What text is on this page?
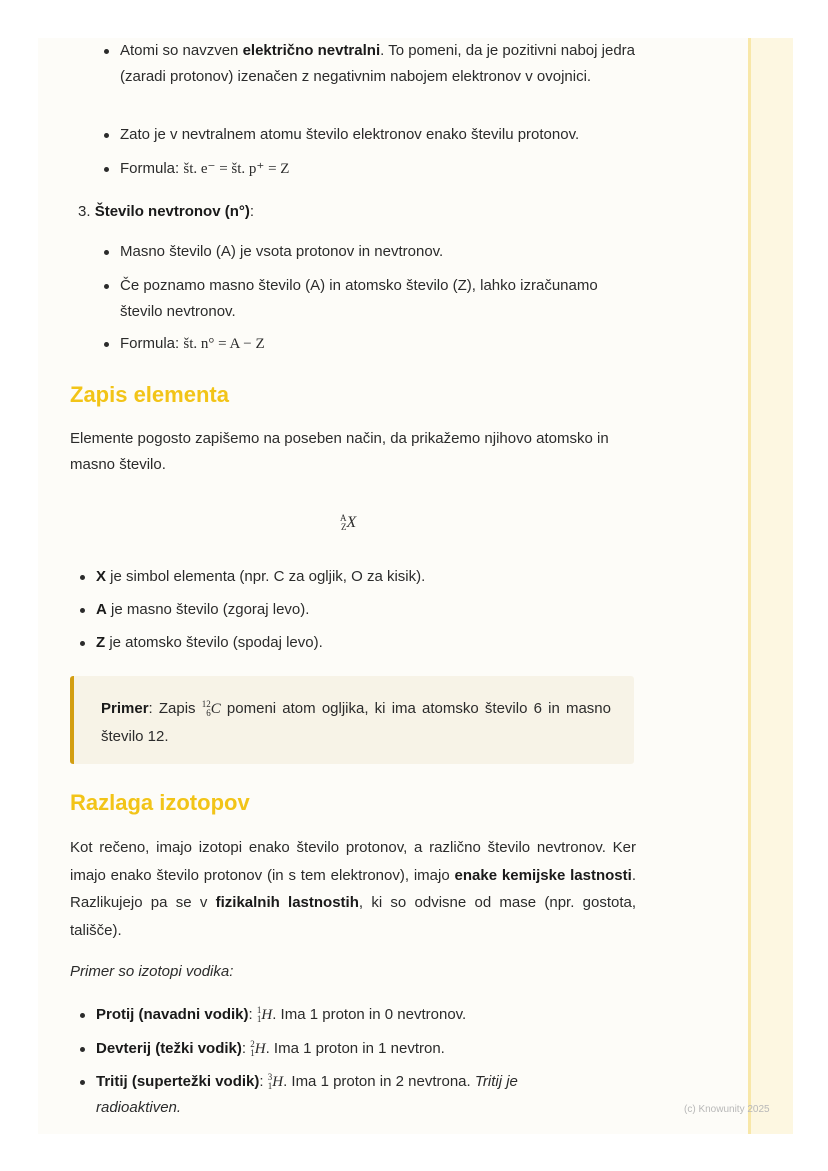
Atomi so navzven električno nevtralni. To pomeni, da je pozitivni naboj jedra (zaradi protonov) izenačen z negativnim nabojem elektronov v ovojnici.
Zato je v nevtralnem atomu število elektronov enako številu protonov.
Formula: št. e⁻ = št. p⁺ = Z
3. Število nevtronov (n°):
Masno število (A) je vsota protonov in nevtronov.
Če poznamo masno število (A) in atomsko število (Z), lahko izračunamo število nevtronov.
Formula: št. n° = A − Z
Zapis elementa
Elemente pogosto zapišemo na poseben način, da prikažemo njihovo atomsko in masno število.
A
Z X
X je simbol elementa (npr. C za ogljik, O za kisik).
A je masno število (zgoraj levo).
Z je atomsko število (spodaj levo).

Primer: Zapis 12
6 C pomeni atom ogljika, ki ima atomsko število 6 in masno število 12.

Razlaga izotopov
Kot rečeno, imajo izotopi enako število protonov, a različno število nevtronov. Ker imajo enako število protonov (in s tem elektronov), imajo enake kemijske lastnosti. Razlikujejo pa se v fizikalnih lastnostih, ki so odvisne od mase (npr. gostota, tališče).
Primer so izotopi vodika:
Protij (navadni vodik): 1
1 H. Ima 1 proton in 0 nevtronov.
Devterij (težki vodik): 2
1 H. Ima 1 proton in 1 nevtron.
Tritij (supertežki vodik): 3
1 H. Ima 1 proton in 2 nevtrona. Tritij je radioaktiven.	(c) Knowunity 2025
